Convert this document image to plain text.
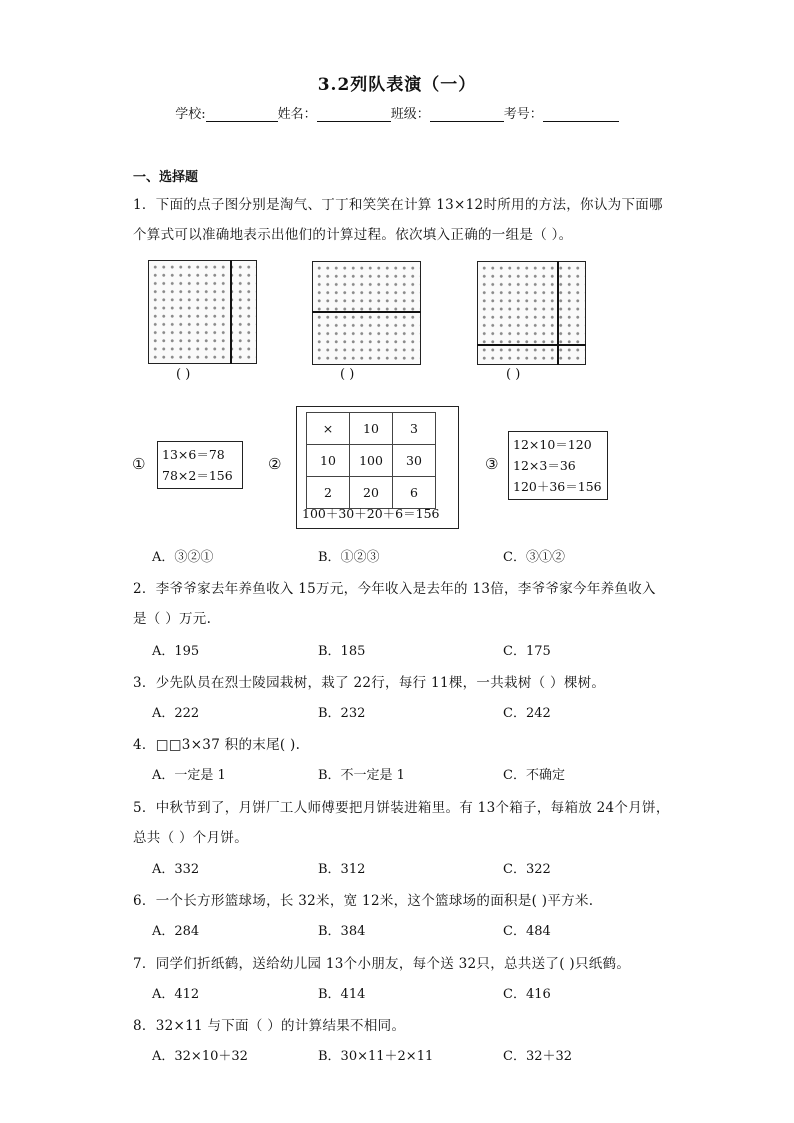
3.2列队表演（一）
学校:	姓名：	班级：	考号：
一、选择题
1．下面的点子图分别是淘气、丁丁和笑笑在计算 13×12时所用的方法，你认为下面哪
个算式可以准确地表示出他们的计算过程。依次填入正确的一组是（ ）。
( )	( )	( )
①
13×6＝78
78×2＝156
②
×	10	3
10	100	30
2	20	6
100＋30＋20＋6＝156
③
12×10＝120
12×3＝36
120＋36＝156
A．③②①	B．①②③	C．③①②
2．李爷爷家去年养鱼收入 15万元，今年收入是去年的 13倍，李爷爷家今年养鱼收入
是（ ）万元.
A．195	B．185	C．175
3．少先队员在烈士陵园栽树，栽了 22行，每行 11棵，一共栽树（ ）棵树。
A．222	B．232	C．242
4．□□3×37 积的末尾( ).
A．一定是 1	B．不一定是 1	C．不确定
5．中秋节到了，月饼厂工人师傅要把月饼装进箱里。有 13个箱子，每箱放 24个月饼，
总共（ ）个月饼。
A．332	B．312	C．322
6．一个长方形篮球场，长 32米，宽 12米，这个篮球场的面积是( )平方米.
A．284	B．384	C．484
7．同学们折纸鹤，送给幼儿园 13个小朋友，每个送 32只，总共送了( )只纸鹤。
A．412	B．414	C．416
8．32×11 与下面（ ）的计算结果不相同。
A．32×10＋32	B．30×11＋2×11	C．32＋32
